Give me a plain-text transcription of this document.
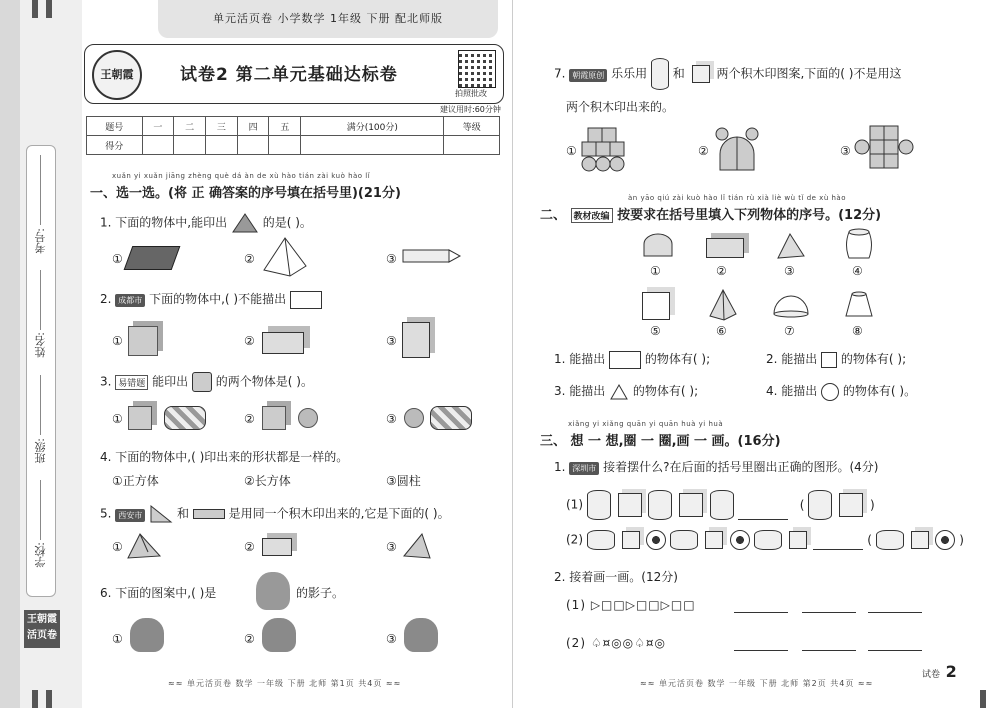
考号:
姓名:
班级:
学校:
王朝霞
活页卷
单元活页卷 小学数学 1年级 下册 配北师版
王朝霞	试卷2 第二单元基础达标卷
拍照批改
建议用时:60分钟
题号	一	二	三	四	五	满分(100分)	等级
得分							
xuǎn yi xuǎn jiāng zhèng què dá àn de xù hào tián zài kuò hào lǐ
一、选一选。(将 正 确答案的序号填在括号里)(21分)
1. 下面的物体中,能印出	的是( )。
①	②	③
2. 成都市 下面的物体中,( )不能描出
①	②	③
3. 易错题 能印出 的两个物体是( )。
①	②	③
4. 下面的物体中,( )印出来的形状都是一样的。
①正方体	②长方体	③圆柱
5. 西安市	和	是用同一个积木印出来的,它是下面的( )。
①	②	③
6. 下面的图案中,( )是	的影子。
①	②	③
≈≈ 单元活页卷 数学 一年级 下册 北师 第1页 共4页 ≈≈
7. 朝霞原创 乐乐用 和	两个积木印图案,下面的( )不是用这
两个积木印出来的。
①	②	③
àn yāo qiú zài kuò hào lǐ tián rù xià liè wù tǐ de xù hào
二、 教材改编 按要求在括号里填入下列物体的序号。(12分)
①	②	③	④
⑤	⑥	⑦	⑧
1. 能描出	的物体有( );	2. 能描出 的物体有( );
3. 能描出 的物体有( );	4. 能描出 的物体有( )。
xiǎng yi xiǎng quān yi quān huà yi huà
三、 想 一 想,圈 一 圈,画 一 画。(16分)
1. 深圳市 接着摆什么?在后面的括号里圈出正确的图形。(4分)
(1)	(	)
(2)	(	)
2. 接着画一画。(12分)
(1) ▷□□▷□□▷□□
(2) ♤¤◎◎♤¤◎
≈≈ 单元活页卷 数学 一年级 下册 北师 第2页 共4页 ≈≈
试卷 2
